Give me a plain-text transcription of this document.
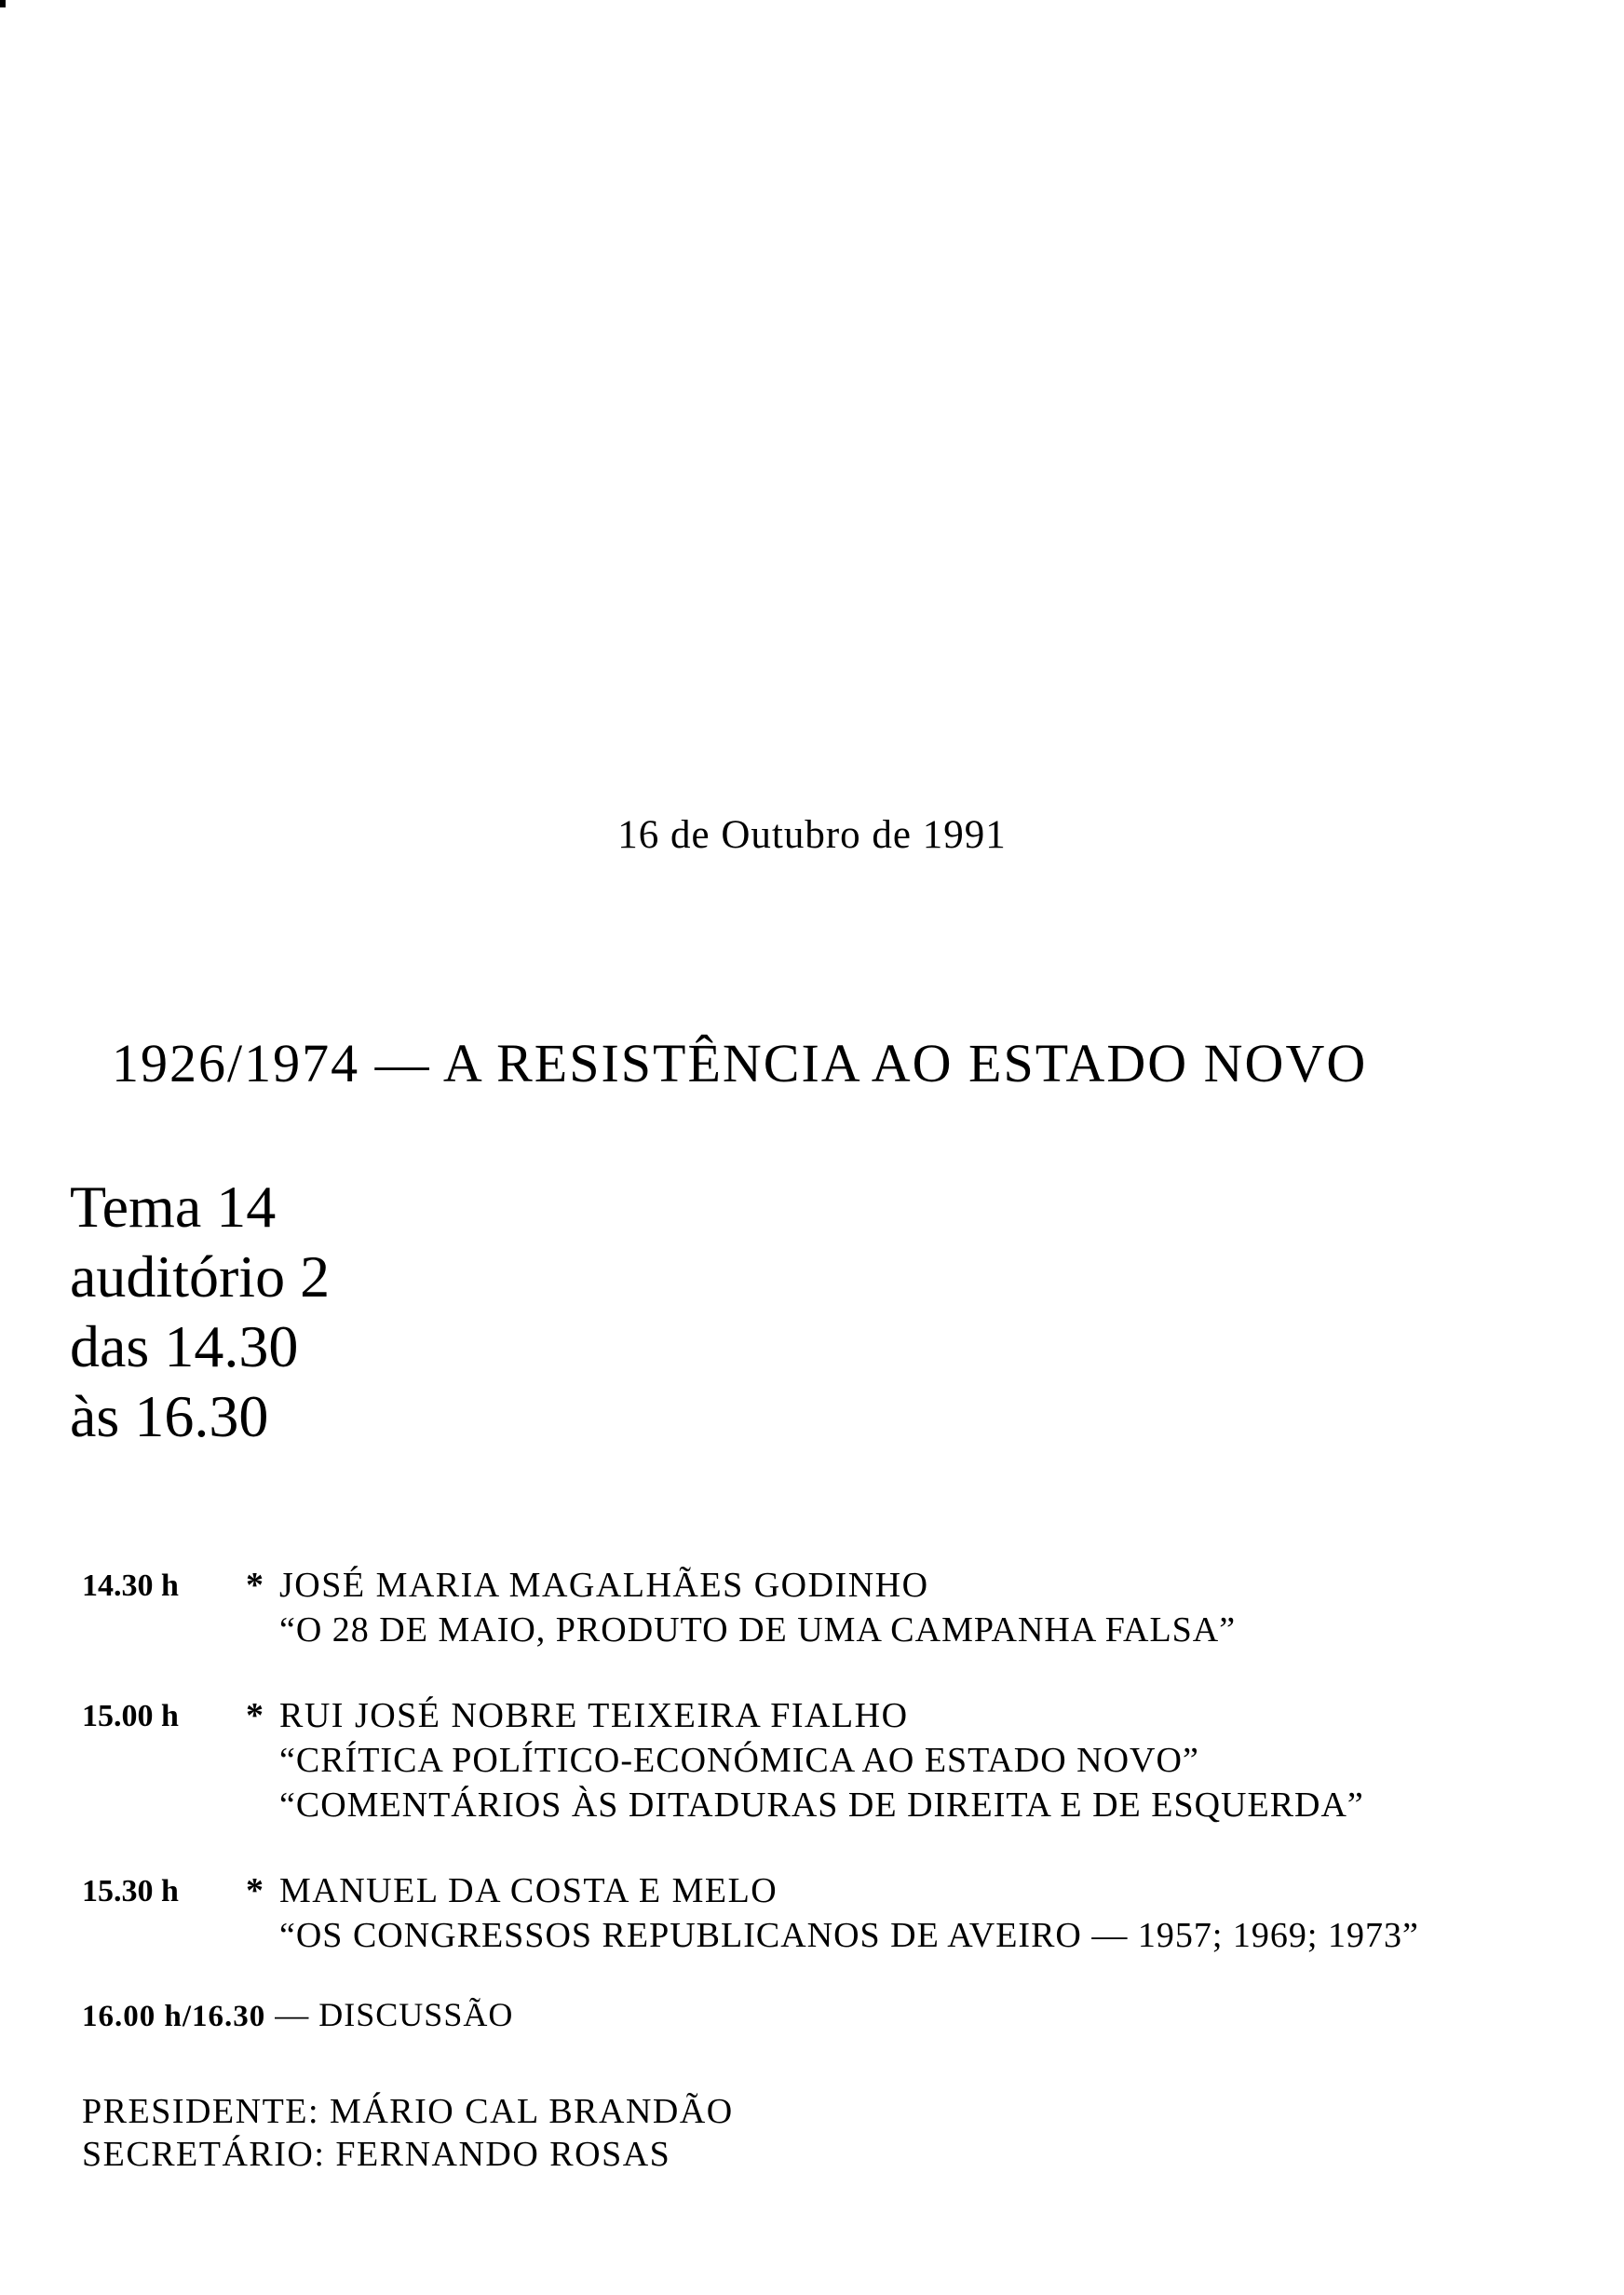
16 de Outubro de 1991
1926/1974 — A RESISTÊNCIA AO ESTADO NOVO
Tema 14
auditório 2
das 14.30
às 16.30
14.30 h * JOSÉ MARIA MAGALHÃES GODINHO
“O 28 DE MAIO, PRODUTO DE UMA CAMPANHA FALSA”
15.00 h * RUI JOSÉ NOBRE TEIXEIRA FIALHO
“CRÍTICA POLÍTICO-ECONÓMICA AO ESTADO NOVO”
“COMENTÁRIOS ÀS DITADURAS DE DIREITA E DE ESQUERDA”
15.30 h * MANUEL DA COSTA E MELO
“OS CONGRESSOS REPUBLICANOS DE AVEIRO — 1957; 1969; 1973”
16.00 h/16.30 — DISCUSSÃO
PRESIDENTE: MÁRIO CAL BRANDÃO
SECRETÁRIO: FERNANDO ROSAS
